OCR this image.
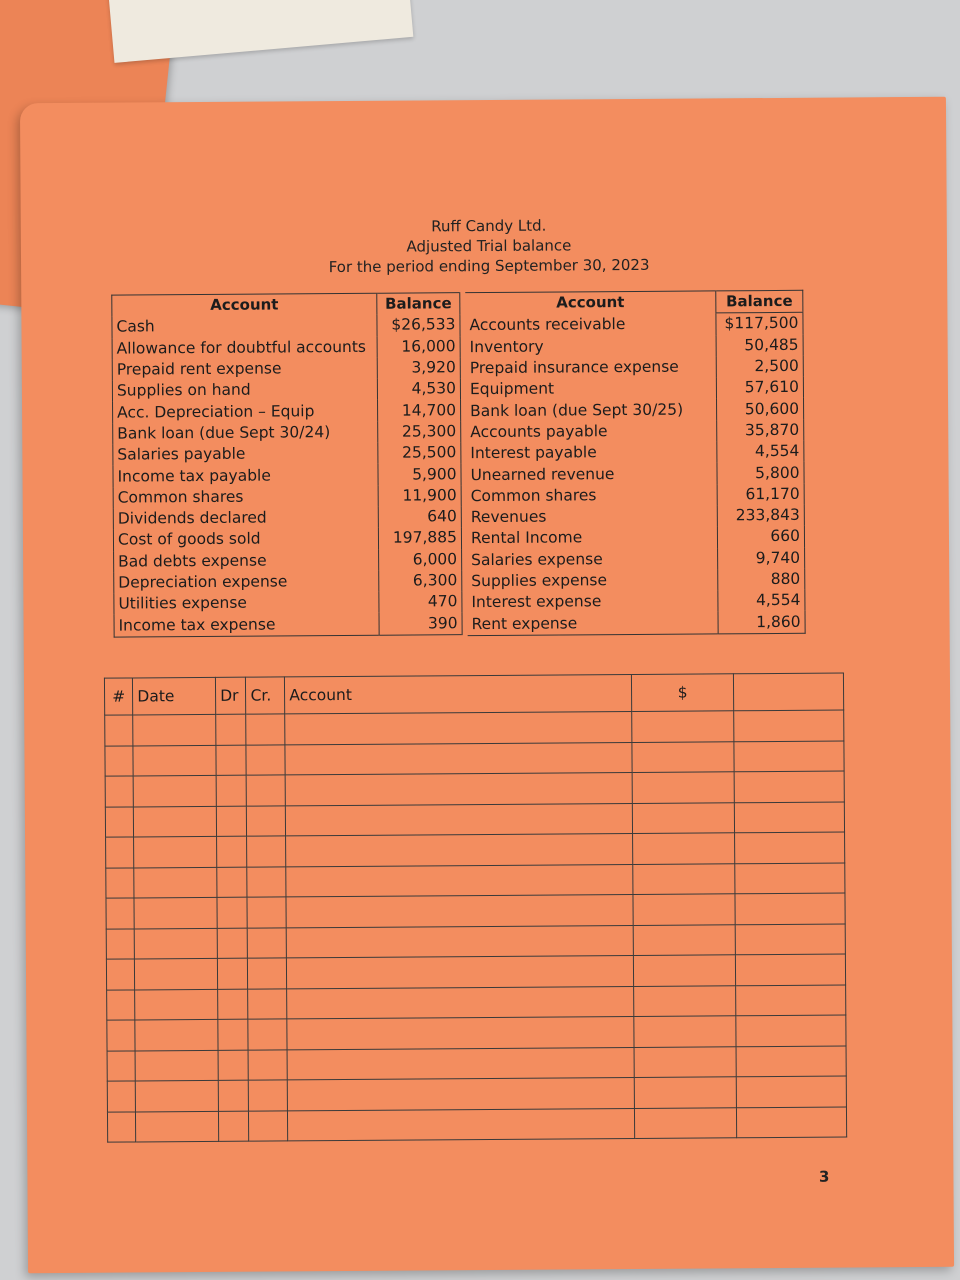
Ruff Candy Ltd.
Adjusted Trial balance
For the period ending September 30, 2023
Account	Balance
Cash	$26,533
Allowance for doubtful accounts	16,000
Prepaid rent expense	3,920
Supplies on hand	4,530
Acc. Depreciation – Equip	14,700
Bank loan (due Sept 30/24)	25,300
Salaries payable	25,500
Income tax payable	5,900
Common shares	11,900
Dividends declared	640
Cost of goods sold	197,885
Bad debts expense	6,000
Depreciation expense	6,300
Utilities expense	470
Income tax expense	390
Account	Balance
Accounts receivable	$117,500
Inventory	50,485
Prepaid insurance expense	2,500
Equipment	57,610
Bank loan (due Sept 30/25)	50,600
Accounts payable	35,870
Interest payable	4,554
Unearned revenue	5,800
Common shares	61,170
Revenues	233,843
Rental Income	660
Salaries expense	9,740
Supplies expense	880
Interest expense	4,554
Rent expense	1,860
#	Date	Dr	Cr.	Account	$	

3
